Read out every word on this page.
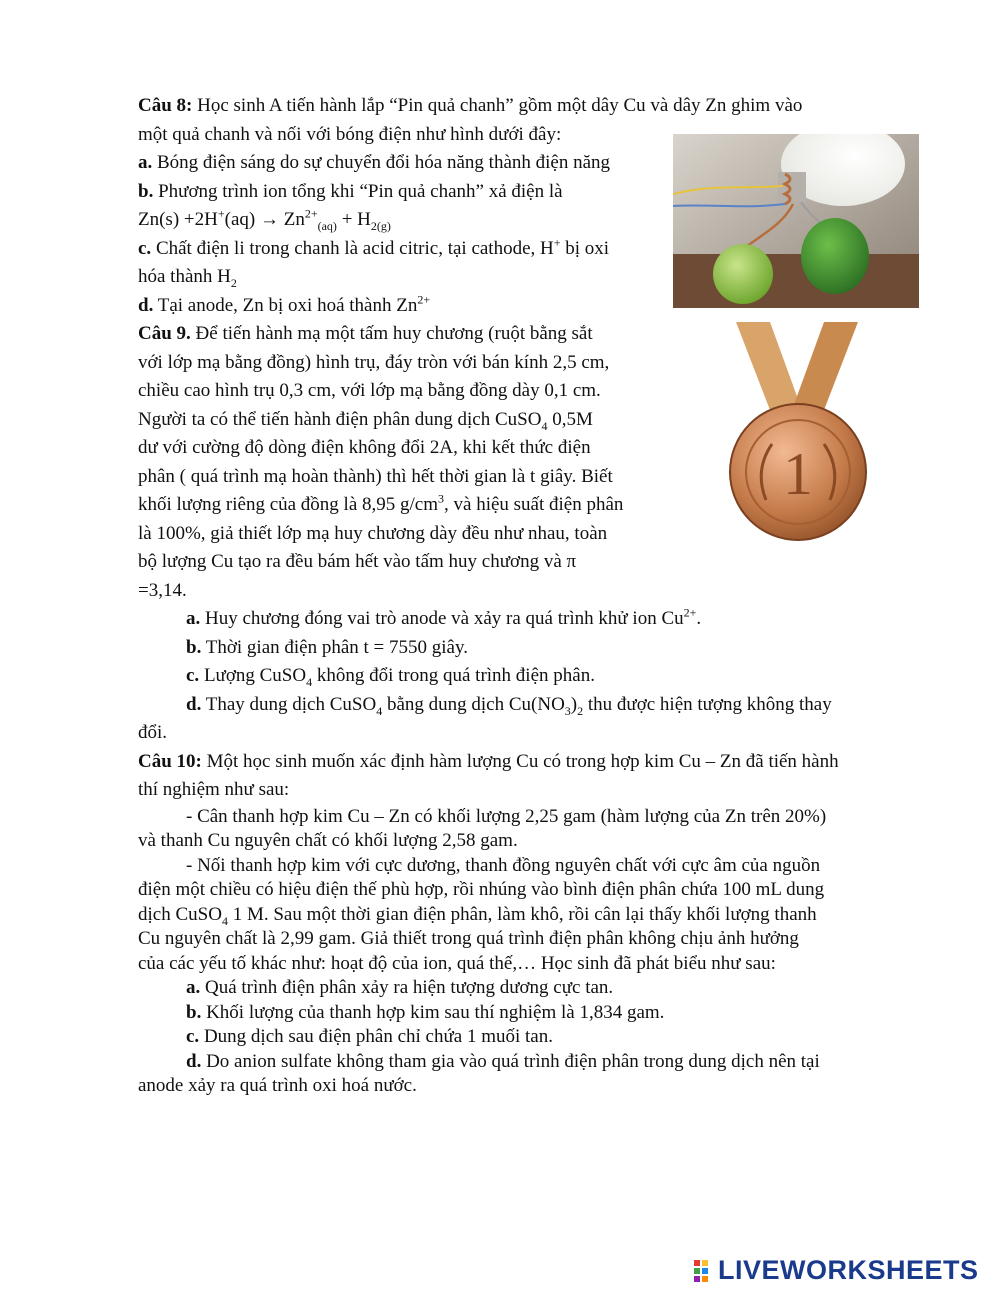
Câu 8: Học sinh A tiến hành lắp “Pin quả chanh” gồm một dây Cu và dây Zn ghim vào

một quả chanh và nối với bóng điện như hình dưới đây:

a. Bóng điện sáng do sự chuyển đổi hóa năng thành điện năng

b. Phương trình ion tổng khi “Pin quả chanh” xả điện là

$Zn(s) +2H^+(aq) \to Zn^{2+}_{(aq)} + H_{2(g)}$

c. Chất điện li trong chanh là acid citric, tại cathode, H+ bị oxi

hóa thành $H_2$

d. Tại anode, Zn bị oxi hoá thành $Zn^{2+}$

Câu 9. Để tiến hành mạ một tấm huy chương (ruột bằng sắt

với lớp mạ bằng đồng) hình trụ, đáy tròn với bán kính 2,5 cm,

chiều cao hình trụ 0,3 cm, với lớp mạ bằng đồng dày 0,1 cm.

Người ta có thể tiến hành điện phân dung dịch CuSO$_4$ 0,5M

dư với cường độ dòng điện không đổi 2A, khi kết thức điện

phân ( quá trình mạ hoàn thành) thì hết thời gian là t giây. Biết

khối lượng riêng của đồng là 8,95 $g/cm^3$, và hiệu suất điện phân

là 100%, giả thiết lớp mạ huy chương dày đều như nhau, toàn

bộ lượng Cu tạo ra đều bám hết vào tấm huy chương và π

=3,14.

a. Huy chương đóng vai trò anode và xảy ra quá trình khử ion $Cu^{2+}$.

b. Thời gian điện phân t = 7550 giây.

c. Lượng CuSO$_4$ không đổi trong quá trình điện phân.

d. Thay dung dịch CuSO$_4$ bằng dung dịch $Cu(NO_3)_2$ thu được hiện tượng không thay

đổi.

Câu 10: Một học sinh muốn xác định hàm lượng Cu có trong hợp kim Cu – Zn đã tiến hành

thí nghiệm như sau:

- Cân thanh hợp kim Cu – Zn có khối lượng 2,25 gam (hàm lượng của Zn trên 20%)

và thanh Cu nguyên chất có khối lượng 2,58 gam.

- Nối thanh hợp kim với cực dương, thanh đồng nguyên chất với cực âm của nguồn

điện một chiều có hiệu điện thế phù hợp, rồi nhúng vào bình điện phân chứa 100 mL dung

dịch CuSO$_4$ 1 M. Sau một thời gian điện phân, làm khô, rồi cân lại thấy khối lượng thanh

Cu nguyên chất là 2,99 gam. Giả thiết trong quá trình điện phân không chịu ảnh hưởng

của các yếu tố khác như: hoạt độ của ion, quá thế,… Học sinh đã phát biểu như sau:

a. Quá trình điện phân xảy ra hiện tượng dương cực tan.

b. Khối lượng của thanh hợp kim sau thí nghiệm là 1,834 gam.

c. Dung dịch sau điện phân chỉ chứa 1 muối tan.

d. Do anion sulfate không tham gia vào quá trình điện phân trong dung dịch nên tại

anode xảy ra quá trình oxi hoá nước.

1
LIVEWORKSHEETS
